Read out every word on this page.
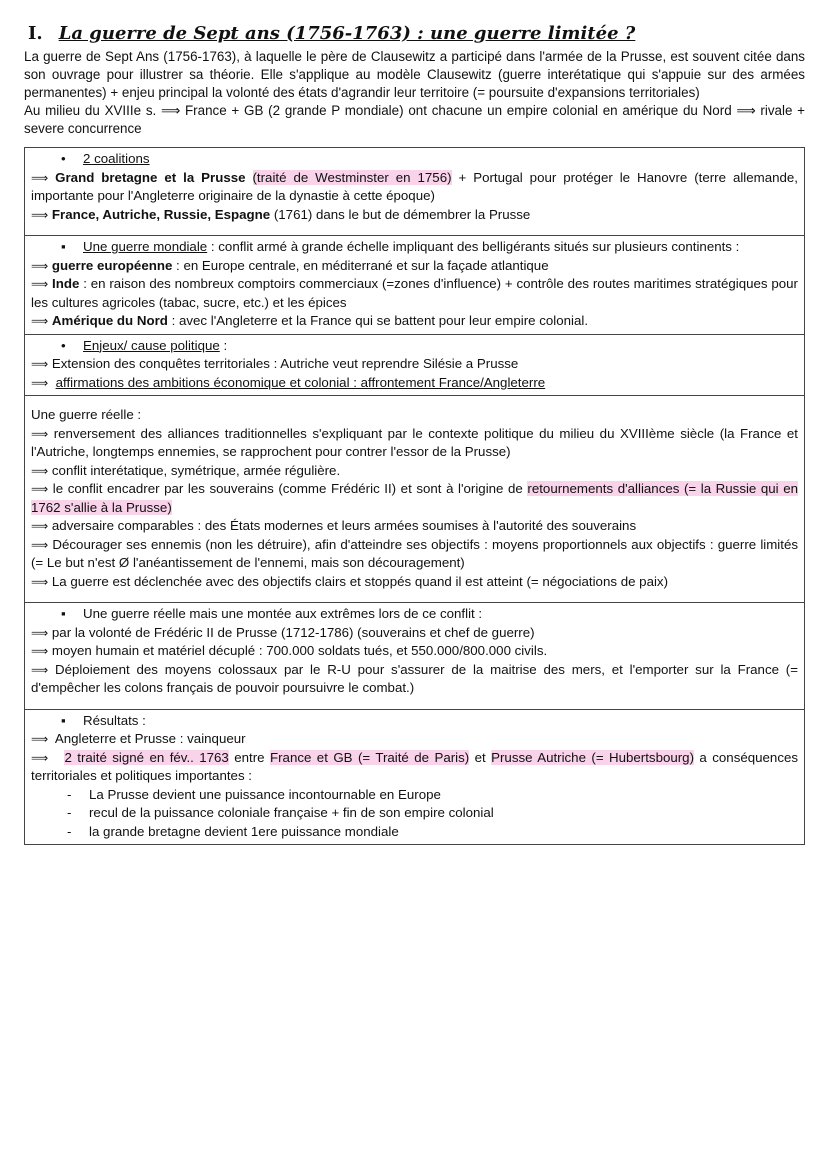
I. La guerre de Sept ans (1756-1763) : une guerre limitée ?

La guerre de Sept Ans (1756-1763), à laquelle le père de Clausewitz a participé dans l'armée de la Prusse, est souvent citée dans son ouvrage pour illustrer sa théorie. Elle s'applique au modèle Clausewitz (guerre interétatique qui s'appuie sur des armées permanentes) + enjeu principal la volonté des états d'agrandir leur territoire (= poursuite d'expansions territoriales)

Au milieu du XVIIIe s. ⟹ France + GB (2 grande P mondiale) ont chacune un empire colonial en amérique du Nord ⟹ rivale + severe concurrence

• 2 coalitions

⟹ Grand bretagne et la Prusse (traité de Westminster en 1756) + Portugal pour protéger le Hanovre (terre allemande, importante pour l'Angleterre originaire de la dynastie à cette époque)

⟹ France, Autriche, Russie, Espagne (1761) dans le but de démembrer la Prusse

▪ Une guerre mondiale : conflit armé à grande échelle impliquant des belligérants situés sur plusieurs continents :

⟹ guerre européenne : en Europe centrale, en méditerrané et sur la façade atlantique

⟹ Inde : en raison des nombreux comptoirs commerciaux (=zones d'influence) + contrôle des routes maritimes stratégiques pour les cultures agricoles (tabac, sucre, etc.) et les épices

⟹ Amérique du Nord : avec l'Angleterre et la France qui se battent pour leur empire colonial.

• Enjeux/ cause politique :

⟹ Extension des conquêtes territoriales : Autriche veut reprendre Silésie a Prusse

⟹ affirmations des ambitions économique et colonial : affrontement France/Angleterre

Une guerre réelle :

⟹ renversement des alliances traditionnelles s'expliquant par le contexte politique du milieu du XVIIIème siècle (la France et l'Autriche, longtemps ennemies, se rapprochent pour contrer l'essor de la Prusse)

⟹ conflit interétatique, symétrique, armée régulière.

⟹ le conflit encadrer par les souverains (comme Frédéric II) et sont à l'origine de retournements d'alliances (= la Russie qui en 1762 s'allie à la Prusse)

⟹ adversaire comparables : des États modernes et leurs armées soumises à l'autorité des souverains

⟹ Décourager ses ennemis (non les détruire), afin d'atteindre ses objectifs : moyens proportionnels aux objectifs : guerre limités (= Le but n'est Ø l'anéantissement de l'ennemi, mais son découragement)

⟹ La guerre est déclenchée avec des objectifs clairs et stoppés quand il est atteint (= négociations de paix)

▪ Une guerre réelle mais une montée aux extrêmes lors de ce conflit :

⟹ par la volonté de Frédéric II de Prusse (1712-1786) (souverains et chef de guerre)

⟹ moyen humain et matériel décuplé : 700.000 soldats tués, et 550.000/800.000 civils.

⟹ Déploiement des moyens colossaux par le R-U pour s'assurer de la maitrise des mers, et l'emporter sur la France (= d'empêcher les colons français de pouvoir poursuivre le combat.)

▪ Résultats :

⟹ Angleterre et Prusse : vainqueur

⟹ 2 traité signé en fév.. 1763 entre France et GB (= Traité de Paris) et Prusse Autriche (= Hubertsbourg) a conséquences territoriales et politiques importantes :

- La Prusse devient une puissance incontournable en Europe

- recul de la puissance coloniale française + fin de son empire colonial

- la grande bretagne devient 1ere puissance mondiale
